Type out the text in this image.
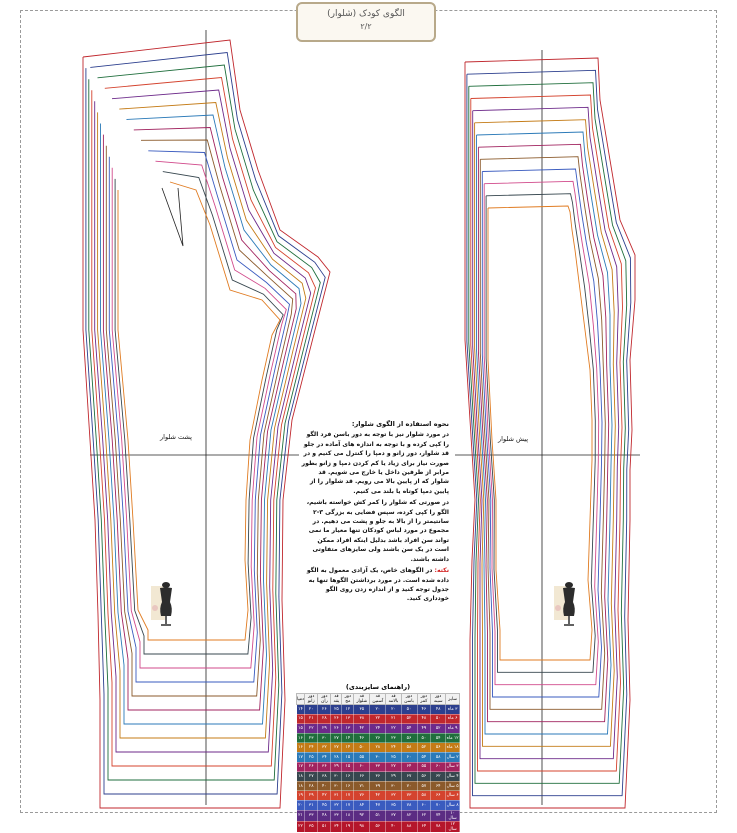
الگوی کودک (شلوار)
۲/۲
پشت شلوار	پیش شلوار
نحوه استفاده از الگوی شلوار:

در مورد شلوار نیز با توجه به دور باسن فرد الگو را کپی کرده و با توجه به اندازه های آماده در جلو قد شلوار، دور زانو و دمپا را کنترل می کنیم و در صورت نیاز برای زیاد یا کم کردن دمپا و زانو بطور مرابر از طرفین داخل یا خارج می شویم. قد شلوار که از پایین بالا می رویم. قد شلوار را از پایین دمپا کوتاه یا بلند می کنیم.

در صورتی که شلوار را کمر کش خواسته باشیم، الگو را کپی کرده، سپس فضایی به بزرگی ۳-۲ سانتیمتر را از بالا به جلو و پشت می دهیم. در مجموع در مورد لباس کودکان تنها معیار ما نمی تواند سن افراد باشد بدلیل اینکه افراد ممکن است در یک سن باشند ولی سایزهای متفاوتی داشته باشند.

نکته: در الگوهای خاص، یک آزادی معمول به الگو داده شده است. در مورد برداشتن الگوها تنها به جدول توجه کنید و از اندازه زدن روی الگو خودداری کنید.

(راهنمای سایزبندی)
سایز	دور سینه	دور کمر	دور باسن	قد بالاتنه	قد آستین	قد شلوار	دور مچ	قد یقه	دور ران	دور زانو	دمپا
۳ ماه	۴۸	۴۶	۵۰	۲۰	۲۰	۳۵	۱۲	۲۵	۲۶	۲۰	۱۴
۶ ماه	۵۰	۴۸	۵۲	۲۱	۲۲	۳۸	۱۳	۲۶	۲۸	۲۱	۱۵
۹ ماه	۵۲	۴۹	۵۴	۲۲	۲۴	۴۲	۱۳	۲۶	۲۹	۲۲	۱۵
۱۲ ماه	۵۴	۵۰	۵۶	۲۳	۲۶	۴۶	۱۴	۲۷	۳۰	۲۳	۱۶
۱۸ ماه	۵۶	۵۲	۵۸	۲۴	۲۸	۵۰	۱۴	۲۷	۳۲	۲۴	۱۶
۲ سال	۵۸	۵۴	۶۰	۲۵	۳۰	۵۵	۱۵	۲۸	۳۴	۲۵	۱۷
۳ سال	۶۰	۵۵	۶۴	۲۷	۳۳	۶۰	۱۵	۲۹	۳۶	۲۶	۱۷
۴ سال	۶۲	۵۶	۶۷	۲۹	۳۶	۶۶	۱۶	۳۰	۳۸	۲۷	۱۸
۵ سال	۶۴	۵۷	۷۰	۳۰	۳۹	۷۱	۱۶	۳۰	۴۰	۲۸	۱۸
۶ سال	۶۶	۵۸	۷۳	۳۲	۴۲	۷۶	۱۷	۳۱	۴۲	۲۹	۱۹
۸ سال	۷۰	۶۰	۷۸	۳۵	۴۷	۸۴	۱۷	۳۲	۴۵	۳۱	۲۰
۱۰ سال	۷۴	۶۲	۸۲	۳۷	۵۱	۹۲	۱۸	۳۳	۴۸	۳۳	۲۱
۱۲ سال	۷۸	۶۴	۸۸	۴۰	۵۶	۹۸	۱۹	۳۴	۵۱	۳۵	۲۲
